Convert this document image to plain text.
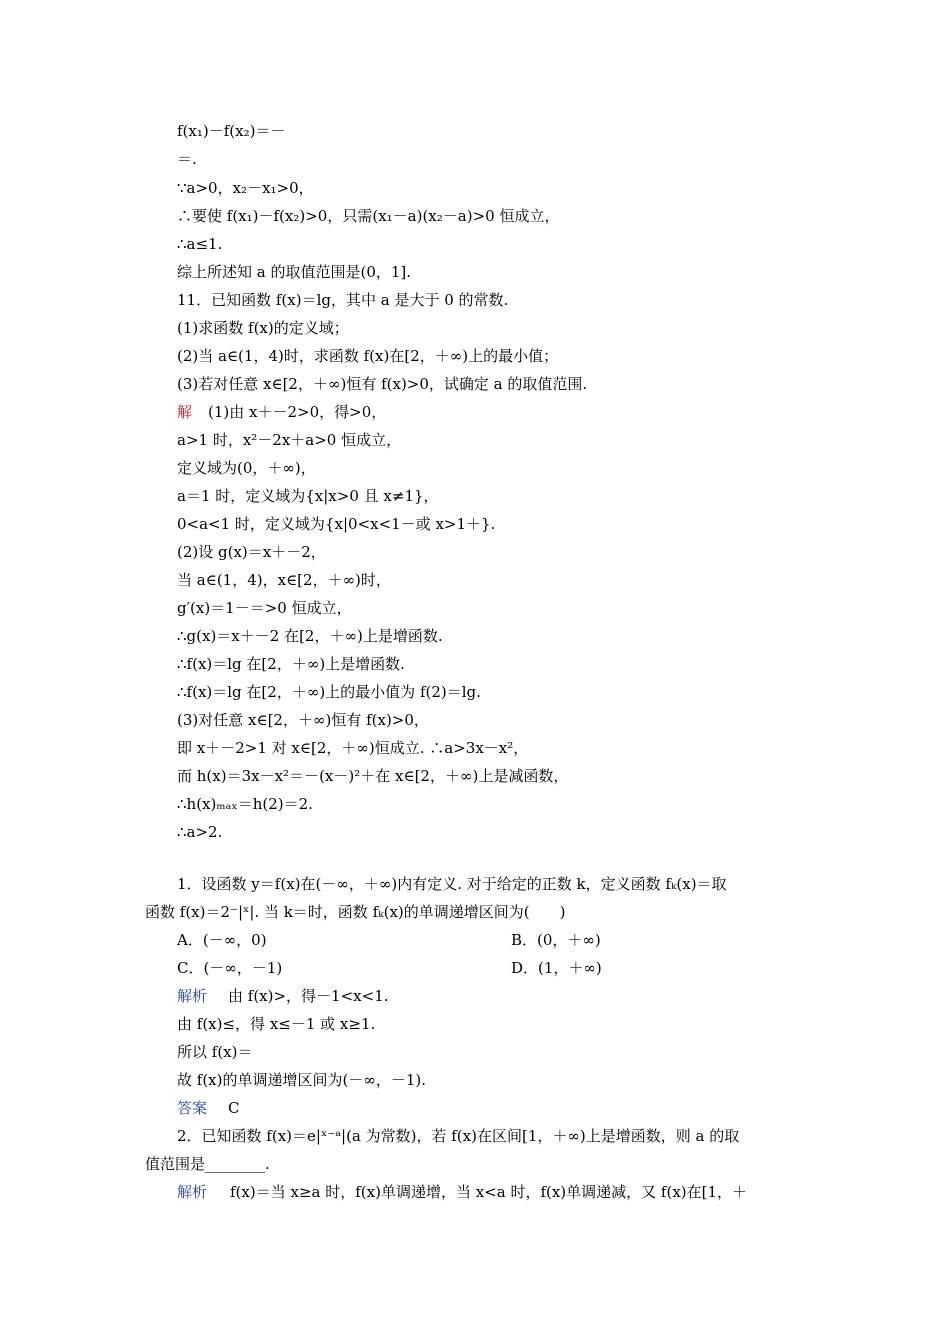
f(x₁)－f(x₂)＝－
＝.
∵a>0，x₂－x₁>0，
∴要使 f(x₁)－f(x₂)>0，只需(x₁－a)(x₂－a)>0 恒成立，
∴a≤1.
综上所述知 a 的取值范围是(0，1].
11．已知函数 f(x)＝lg，其中 a 是大于 0 的常数.
(1)求函数 f(x)的定义域；
(2)当 a∈(1，4)时，求函数 f(x)在[2，＋∞)上的最小值；
(3)若对任意 x∈[2，＋∞)恒有 f(x)>0，试确定 a 的取值范围.
解 (1)由 x＋－2>0，得>0，
a>1 时，x²－2x＋a>0 恒成立，
定义域为(0，＋∞)，
a＝1 时，定义域为{x|x>0 且 x≠1}，
0<a<1 时，定义域为{x|0<x<1－或 x>1＋}.
(2)设 g(x)＝x＋－2，
当 a∈(1，4)，x∈[2，＋∞)时，
g′(x)＝1－＝>0 恒成立，
∴g(x)＝x＋－2 在[2，＋∞)上是增函数.
∴f(x)＝lg 在[2，＋∞)上是增函数.
∴f(x)＝lg 在[2，＋∞)上的最小值为 f(2)＝lg.
(3)对任意 x∈[2，＋∞)恒有 f(x)>0，
即 x＋－2>1 对 x∈[2，＋∞)恒成立. ∴a>3x－x²，
而 h(x)＝3x－x²＝－(x－)²＋在 x∈[2，＋∞)上是减函数，
∴h(x)ₘₐₓ＝h(2)＝2.
∴a>2.
1．设函数 y＝f(x)在(－∞，＋∞)内有定义. 对于给定的正数 k，定义函数 fₖ(x)＝取
函数 f(x)＝2⁻|ˣ|. 当 k＝时，函数 fₖ(x)的单调递增区间为(　　)
A．(－∞，0)	B．(0，＋∞)
C．(－∞，－1)	D．(1，＋∞)
解析 由 f(x)>，得－1<x<1.
由 f(x)≤，得 x≤－1 或 x≥1.
所以 f(x)＝
故 f(x)的单调递增区间为(－∞，－1).
答案 C
2．已知函数 f(x)＝e|ˣ⁻ᵃ|(a 为常数)，若 f(x)在区间[1，＋∞)上是增函数，则 a 的取
值范围是________.
解析 f(x)＝当 x≥a 时，f(x)单调递增，当 x<a 时，f(x)单调递减，又 f(x)在[1，＋
